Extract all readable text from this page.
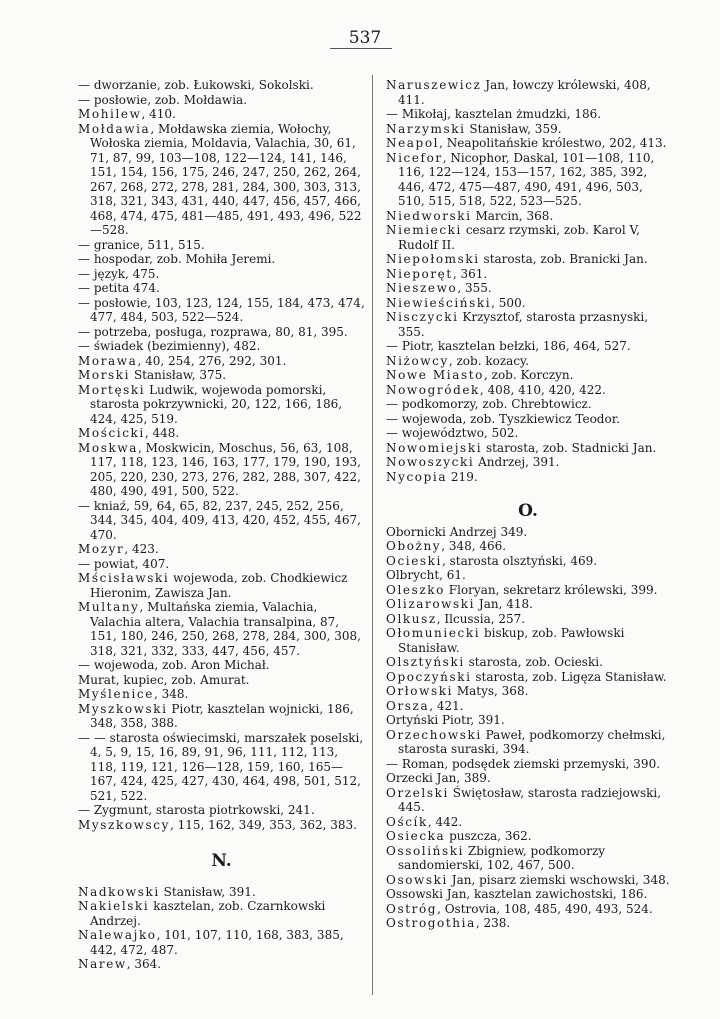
537

— dworzanie, zob. Łukowski, Sokolski.

— posłowie, zob. Mołdawia.

Mohilew, 410.

Mołdawia, Mołdawska ziemia, Wołochy, Wołoska ziemia, Moldavia, Valachia, 30, 61, 71, 87, 99, 103—108, 122—124, 141, 146, 151, 154, 156, 175, 246, 247, 250, 262, 264, 267, 268, 272, 278, 281, 284, 300, 303, 313, 318, 321, 343, 431, 440, 447, 456, 457, 466, 468, 474, 475, 481—485, 491, 493, 496, 522—528.

— granice, 511, 515.

— hospodar, zob. Mohiła Jeremi.

— język, 475.

— petita 474.

— posłowie, 103, 123, 124, 155, 184, 473, 474, 477, 484, 503, 522—524.

— potrzeba, posługa, rozprawa, 80, 81, 395.

— świadek (bezimienny), 482.

Morawa, 40, 254, 276, 292, 301.

Morski Stanisław, 375.

Mortęski Ludwik, wojewoda pomorski, starosta pokrzywnicki, 20, 122, 166, 186, 424, 425, 519.

Mościcki, 448.

Moskwa, Moskwicin, Moschus, 56, 63, 108, 117, 118, 123, 146, 163, 177, 179, 190, 193, 205, 220, 230, 273, 276, 282, 288, 307, 422, 480, 490, 491, 500, 522.

— kniaź, 59, 64, 65, 82, 237, 245, 252, 256, 344, 345, 404, 409, 413, 420, 452, 455, 467, 470.

Mozyr, 423.

— powiat, 407.

Mścisławski wojewoda, zob. Chodkiewicz Hieronim, Zawisza Jan.

Multany, Multańska ziemia, Valachia, Valachia altera, Valachia transalpina, 87, 151, 180, 246, 250, 268, 278, 284, 300, 308, 318, 321, 332, 333, 447, 456, 457.

— wojewoda, zob. Aron Michał.

Murat, kupiec, zob. Amurat.

Myślenice, 348.

Myszkowski Piotr, kasztelan wojnicki, 186, 348, 358, 388.

— — starosta oświecimski, marszałek poselski, 4, 5, 9, 15, 16, 89, 91, 96, 111, 112, 113, 118, 119, 121, 126—128, 159, 160, 165—167, 424, 425, 427, 430, 464, 498, 501, 512, 521, 522.

— Zygmunt, starosta piotrkowski, 241.

Myszkowscy, 115, 162, 349, 353, 362, 383.

N.

Nadkowski Stanisław, 391.

Nakielski kasztelan, zob. Czarnkowski Andrzej.

Nalewajko, 101, 107, 110, 168, 383, 385, 442, 472, 487.

Narew, 364.

Naruszewicz Jan, łowczy królewski, 408, 411.

— Mikołaj, kasztelan żmudzki, 186.

Narzymski Stanisław, 359.

Neapol, Neapolitańskie królestwo, 202, 413.

Nicefor, Nicophor, Daskal, 101—108, 110, 116, 122—124, 153—157, 162, 385, 392, 446, 472, 475—487, 490, 491, 496, 503, 510, 515, 518, 522, 523—525.

Niedworski Marcin, 368.

Niemiecki cesarz rzymski, zob. Karol V, Rudolf II.

Niepołomski starosta, zob. Branicki Jan.

Nieporęt, 361.

Nieszewo, 355.

Niewieściński, 500.

Nisczycki Krzysztof, starosta przasnyski, 355.

— Piotr, kasztelan bełzki, 186, 464, 527.

Niżowcy, zob. kozacy.

Nowe Miasto, zob. Korczyn.

Nowogródek, 408, 410, 420, 422.

— podkomorzy, zob. Chrebtowicz.

— wojewoda, zob. Tyszkiewicz Teodor.

— województwo, 502.

Nowomiejski starosta, zob. Stadnicki Jan.

Nowoszycki Andrzej, 391.

Nycopia 219.

O.

Obornicki Andrzej 349.

Obożny, 348, 466.

Ocieski, starosta olsztyński, 469.

Olbrycht, 61.

Oleszko Floryan, sekretarz królewski, 399.

Olizarowski Jan, 418.

Olkusz, Ilcussia, 257.

Ołomuniecki biskup, zob. Pawłowski Stanisław.

Olsztyński starosta, zob. Ocieski.

Opoczyński starosta, zob. Ligęza Stanisław.

Orłowski Matys, 368.

Orsza, 421.

Ortyński Piotr, 391.

Orzechowski Paweł, podkomorzy chełmski, starosta suraski, 394.

— Roman, podsędek ziemski przemyski, 390.

Orzecki Jan, 389.

Orzelski Świętosław, starosta radziejowski, 445.

Oścík, 442.

Osiecka puszcza, 362.

Ossoliński Zbigniew, podkomorzy sandomierski, 102, 467, 500.

Osowski Jan, pisarz ziemski wschowski, 348.

Ossowski Jan, kasztelan zawichostski, 186.

Ostróg, Ostrovia, 108, 485, 490, 493, 524.

Ostrogothia, 238.
